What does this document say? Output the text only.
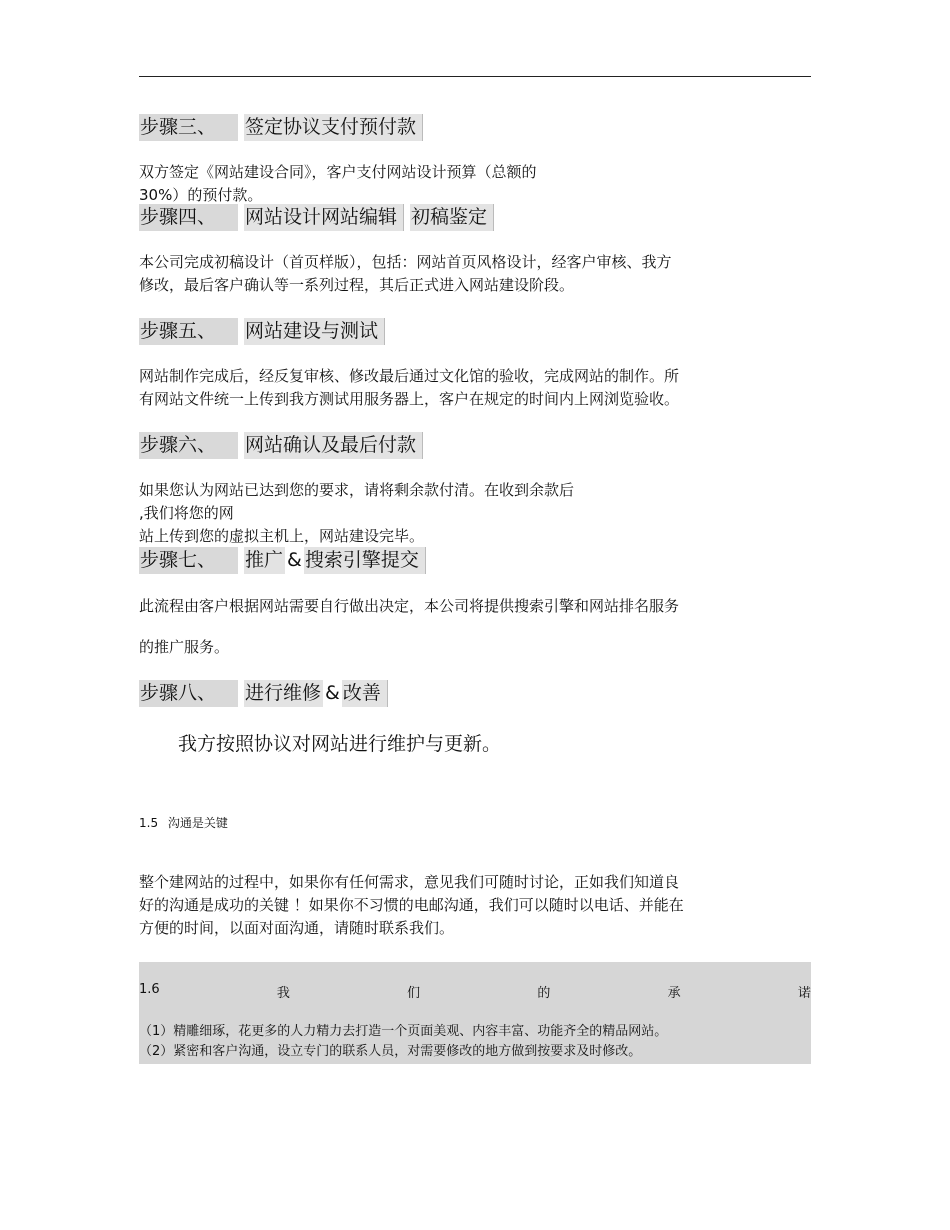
步骤三、	签定协议支付预付款
双方签定《网站建设合同》，客户支付网站设计预算（总额的
30%）的预付款。
步骤四、	网站设计网站编辑 初稿鉴定
本公司完成初稿设计（首页样版），包括：网站首页风格设计，经客户审核、我方
修改，最后客户确认等一系列过程，其后正式进入网站建设阶段。
步骤五、	网站建设与测试
网站制作完成后，经反复审核、修改最后通过文化馆的验收，完成网站的制作。所
有网站文件统一上传到我方测试用服务器上，客户在规定的时间内上网浏览验收。
步骤六、	网站确认及最后付款
如果您认为网站已达到您的要求，请将剩余款付清。在收到余款后
,我们将您的网
站上传到您的虚拟主机上，网站建设完毕。
步骤七、	推广 & 搜索引擎提交
此流程由客户根据网站需要自行做出决定，本公司将提供搜索引擎和网站排名服务
的推广服务。
步骤八、	进行维修 & 改善
我方按照协议对网站进行维护与更新。
1.5 沟通是关键
整个建网站的过程中，如果你有任何需求，意见我们可随时讨论，正如我们知道良
好的沟通是成功的关键 ！如果你不习惯的电邮沟通，我们可以随时以电话、并能在
方便的时间，以面对面沟通，请随时联系我们。
1.6	我	们	的	承	诺
（1）精雕细琢，花更多的人力精力去打造一个页面美观、内容丰富、功能齐全的精品网站。
（2）紧密和客户沟通，设立专门的联系人员，对需要修改的地方做到按要求及时修改。
